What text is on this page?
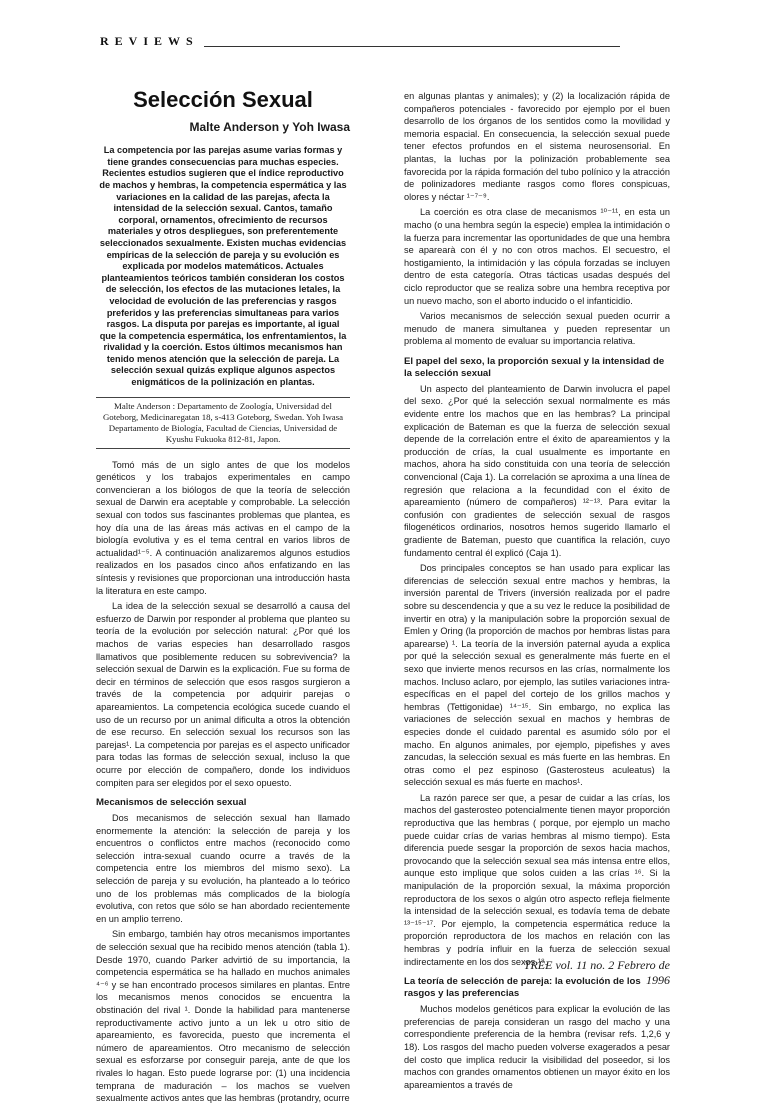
REVIEWS
Selección Sexual
Malte Anderson y Yoh Iwasa
La competencia por las parejas asume varias formas y tiene grandes consecuencias para muchas especies. Recientes estudios sugieren que el índice reproductivo de machos y hembras, la competencia espermática y las variaciones en la calidad de las parejas, afecta la intensidad de la selección sexual. Cantos, tamaño corporal, ornamentos, ofrecimiento de recursos materiales y otros despliegues, son preferentemente seleccionados sexualmente. Existen muchas evidencias empíricas de la selección de pareja y su evolución es explicada por modelos matemáticos. Actuales planteamientos teóricos también consideran los costos de selección, los efectos de las mutaciones letales, la velocidad de evolución de las preferencias y rasgos preferidos y las preferencias simultaneas para varios rasgos. La disputa por parejas es importante, al igual que la competencia espermática, los enfrentamientos, la rivalidad y la coerción. Estos últimos mecanismos han tenido menos atención que la selección de pareja. La selección sexual quizás explique algunos aspectos enigmáticos de la polinización en plantas.
Malte Anderson : Departamento de Zoología, Universidad del Goteborg, Medicinaregatan 18, s-413 Goteborg, Swedan. Yoh Iwasa Departamento de Biología, Facultad de Ciencias, Universidad de Kyushu Fukuoka 812-81, Japon.

Tomó más de un siglo antes de que los modelos genéticos y los trabajos experimentales en campo convencieran a los biólogos de que la teoría de selección sexual de Darwin era aceptable y comprobable. La selección sexual con todos sus fascinantes problemas que plantea, es hoy día una de las áreas más activas en el campo de la biología evolutiva y es el tema central en varios libros de actualidad¹⁻⁵. A continuación analizaremos algunos estudios realizados en los pasados cinco años enfatizando en las síntesis y revisiones que proporcionan una introducción hasta la literatura en este campo.

La idea de la selección sexual se desarrolló a causa del esfuerzo de Darwin por responder al problema que planteo su teoría de la evolución por selección natural: ¿Por qué los machos de varias especies han desarrollado rasgos llamativos que posiblemente reducen su sobrevivencia? la selección sexual de Darwin es la explicación. Fue su forma de decir en términos de selección que esos rasgos surgieron a través de la competencia por adquirir parejas o apareamientos. La competencia ecológica sucede cuando el uso de un recurso por un animal dificulta a otros la obtención de ese recurso. En selección sexual los recursos son las parejas¹. La competencia por parejas es el aspecto unificador para todas las formas de selección sexual, incluso la que ocurre por elección de compañero, donde los individuos compiten para ser elegidos por el sexo opuesto.

Mecanismos de selección sexual

Dos mecanismos de selección sexual han llamado enormemente la atención: la selección de pareja y los encuentros o conflictos entre machos (reconocido como selección intra-sexual cuando ocurre a través de la competencia entre los miembros del mismo sexo). La selección de pareja y su evolución, ha planteado a lo teórico uno de los problemas más complicados de la biología evolutiva, con retos que sólo se han abordado recientemente en un amplio terreno.

Sin embargo, también hay otros mecanismos importantes de selección sexual que ha recibido menos atención (tabla 1). Desde 1970, cuando Parker advirtió de su importancia, la competencia espermática se ha hallado en muchos animales ⁴⁻⁶ y se han encontrado procesos similares en plantas. Entre los mecanismos menos conocidos se encuentra la obstinación del rival ¹. Donde la habilidad para mantenerse reproductivamente activo junto a un lek u otro sitio de apareamiento, es favorecida, puesto que incrementa el número de apareamientos. Otro mecanismo de selección sexual es esforzarse por conseguir pareja, ante de que los rivales lo hagan. Esto puede lograrse por: (1) una incidencia temprana de maduración – los machos se vuelven sexualmente activos antes que las hembras (protandry, ocurre

en algunas plantas y animales); y (2) la localización rápida de compañeros potenciales - favorecido por ejemplo por el buen desarrollo de los órganos de los sentidos como la movilidad y memoria espacial. En consecuencia, la selección sexual puede tener efectos profundos en el sistema neurosensorial. En plantas, la luchas por la polinización probablemente sea favorecida por la rápida formación del tubo polínico y la atracción de polinizadores mediante rasgos como flores conspicuas, olores y néctar ¹⁻⁷⁻⁹.

La coerción es otra clase de mecanismos ¹⁰⁻¹¹, en esta un macho (o una hembra según la especie) emplea la intimidación o la fuerza para incrementar las oportunidades de que una hembra se aparearà con él y no con otros machos. El secuestro, el hostigamiento, la intimidación y las cópula forzadas se incluyen dentro de esta categoría. Otras tácticas usadas después del ciclo reproductor que se realiza sobre una hembra receptiva por un nuevo macho, son el aborto inducido o el infanticidio.

Varios mecanismos de selección sexual pueden ocurrir a menudo de manera simultanea y pueden representar un problema al momento de evaluar su importancia relativa.

El papel del sexo, la proporción sexual y la intensidad de la selección sexual

Un aspecto del planteamiento de Darwin involucra el papel del sexo. ¿Por qué la selección sexual normalmente es más evidente entre los machos que en las hembras? La principal explicación de Bateman es que la fuerza de selección sexual depende de la correlación entre el éxito de apareamientos y la producción de crías, la cual usualmente es importante en machos, ahora ha sido constituida con una teoría de selección convencional (Caja 1). La correlación se aproxima a una línea de regresión que relaciona a la fecundidad con el éxito de apareamiento (número de compañeros) ¹²⁻¹³. Para evitar la confusión con gradientes de selección sexual de rasgos filogenéticos ordinarios, nosotros hemos sugerido llamarlo el gradiente de Bateman, puesto que cuantifica la relación, cuyo fundamento central él explicó (Caja 1).

Dos principales conceptos se han usado para explicar las diferencias de selección sexual entre machos y hembras, la inversión parental de Trivers (inversión realizada por el padre sobre su descendencia y que a su vez le reduce la posibilidad de invertir en otra) y la manipulación sobre la proporción sexual de Emlen y Oring (la proporción de machos por hembras listas para aparearse) ¹. La teoría de la inversión paternal ayuda a explica por qué la selección sexual es generalmente más fuerte en el sexo que invierte menos recursos en las crías, normalmente los machos. Incluso aclaro, por ejemplo, las sutiles variaciones intra-específicas en el papel del cortejo de los grillos machos y hembras (Tettigonidae) ¹⁴⁻¹⁵. Sin embargo, no explica las variaciones de selección sexual en machos y hembras de especies donde el cuidado parental es asumido sólo por el macho. En algunos animales, por ejemplo, pipefishes y aves zancudas, la selección sexual es más fuerte en las hembras. En otras como el pez espinoso (Gasterosteus aculeatus) la selección sexual es más fuerte en machos¹.

La razón parece ser que, a pesar de cuidar a las crías, los machos del gasterosteo potencialmente tienen mayor proporción reproductiva que las hembras ( porque, por ejemplo un macho puede cuidar crías de varias hembras al mismo tiempo). Esta diferencia puede sesgar la proporción de sexos hacia machos, provocando que la selección sexual sea más intensa entre ellos, aunque esto implique que solos cuiden a las crías ¹⁶. Si la manipulación de la proporción sexual, la máxima proporción reproductora de los sexos o algún otro aspecto refleja fielmente la intensidad de la selección sexual, es todavía tema de debate ¹³⁻¹⁵⁻¹⁷. Por ejemplo, la competencia espermática reduce la proporción reproductora de los machos en relación con las hembras y podría influir en la fuerza de selección sexual indirectamente en los dos sexos ¹⁸.

La teoría de selección de pareja: la evolución de los rasgos y las preferencias

Muchos modelos genéticos para explicar la evolución de las preferencias de pareja consideran un rasgo del macho y una correspondiente preferencia de la hembra (revisar refs. 1,2,6 y 18). Los rasgos del macho pueden volverse exagerados a pesar del costo que implica reducir la visibilidad del poseedor, si los machos con grandes ornamentos obtienen un mayor éxito en los apareamientos a través de

TREE vol. 11 no. 2 Febrero de 1996
